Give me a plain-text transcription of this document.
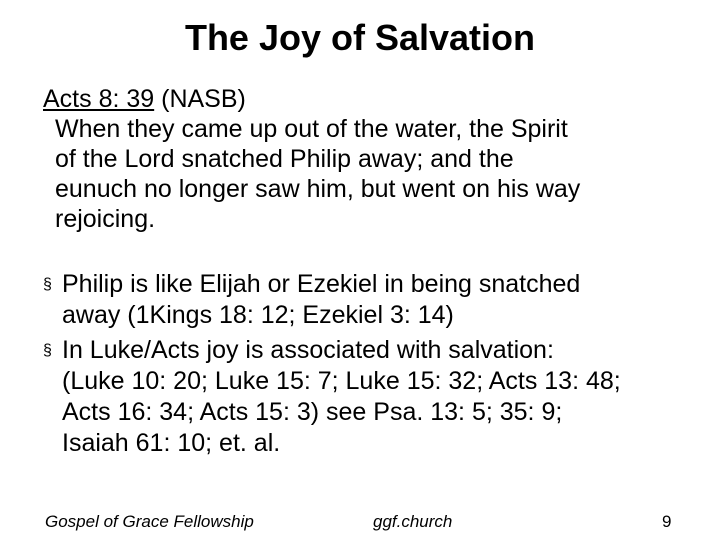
The Joy of Salvation
Acts 8: 39 (NASB)
When they came up out of the water, the Spirit
of the Lord snatched Philip away; and the
eunuch no longer saw him, but went on his way
rejoicing.
§ Philip is like Elijah or Ezekiel in being snatched
away (1Kings 18: 12; Ezekiel 3: 14)
§ In Luke/Acts joy is associated with salvation:
(Luke 10: 20; Luke 15: 7; Luke 15: 32; Acts 13: 48;
Acts 16: 34; Acts 15: 3) see Psa. 13: 5; 35: 9;
Isaiah 61: 10; et. al.
Gospel of Grace Fellowship	ggf.church	9
